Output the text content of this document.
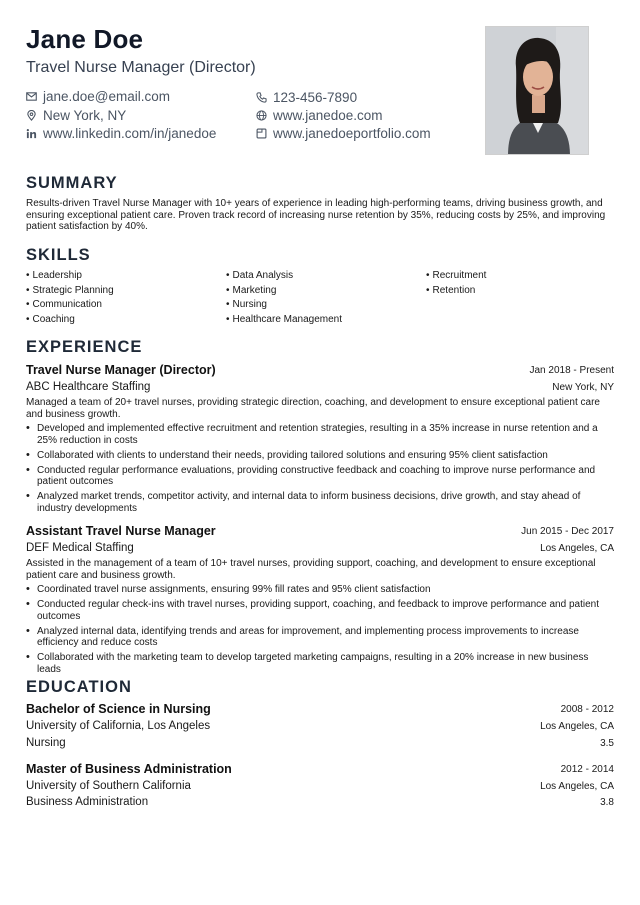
Jane Doe
Travel Nurse Manager (Director)
jane.doe@email.com
New York, NY
www.linkedin.com/in/janedoe
123-456-7890
www.janedoe.com
www.janedoeportfolio.com
SUMMARY
Results-driven Travel Nurse Manager with 10+ years of experience in leading high-performing teams, driving business growth, and ensuring exceptional patient care. Proven track record of increasing nurse retention by 35%, reducing costs by 25%, and improving patient satisfaction by 40%.
SKILLS
• Leadership
• Strategic Planning
• Communication
• Coaching
• Data Analysis
• Marketing
• Nursing
• Healthcare Management
• Recruitment
• Retention
EXPERIENCE
Travel Nurse Manager (Director)	Jan 2018 - Present
ABC Healthcare Staffing	New York, NY
Managed a team of 20+ travel nurses, providing strategic direction, coaching, and development to ensure exceptional patient care and business growth.
• Developed and implemented effective recruitment and retention strategies, resulting in a 35% increase in nurse retention and a 25% reduction in costs
• Collaborated with clients to understand their needs, providing tailored solutions and ensuring 95% client satisfaction
• Conducted regular performance evaluations, providing constructive feedback and coaching to improve nurse performance and patient outcomes
• Analyzed market trends, competitor activity, and internal data to inform business decisions, drive growth, and stay ahead of industry developments
Assistant Travel Nurse Manager	Jun 2015 - Dec 2017
DEF Medical Staffing	Los Angeles, CA
Assisted in the management of a team of 10+ travel nurses, providing support, coaching, and development to ensure exceptional patient care and business growth.
• Coordinated travel nurse assignments, ensuring 99% fill rates and 95% client satisfaction
• Conducted regular check-ins with travel nurses, providing support, coaching, and feedback to improve performance and patient outcomes
• Analyzed internal data, identifying trends and areas for improvement, and implementing process improvements to increase efficiency and reduce costs
• Collaborated with the marketing team to develop targeted marketing campaigns, resulting in a 20% increase in new business leads
EDUCATION
Bachelor of Science in Nursing	2008 - 2012
University of California, Los Angeles	Los Angeles, CA
Nursing	3.5
Master of Business Administration	2012 - 2014
University of Southern California	Los Angeles, CA
Business Administration	3.8
